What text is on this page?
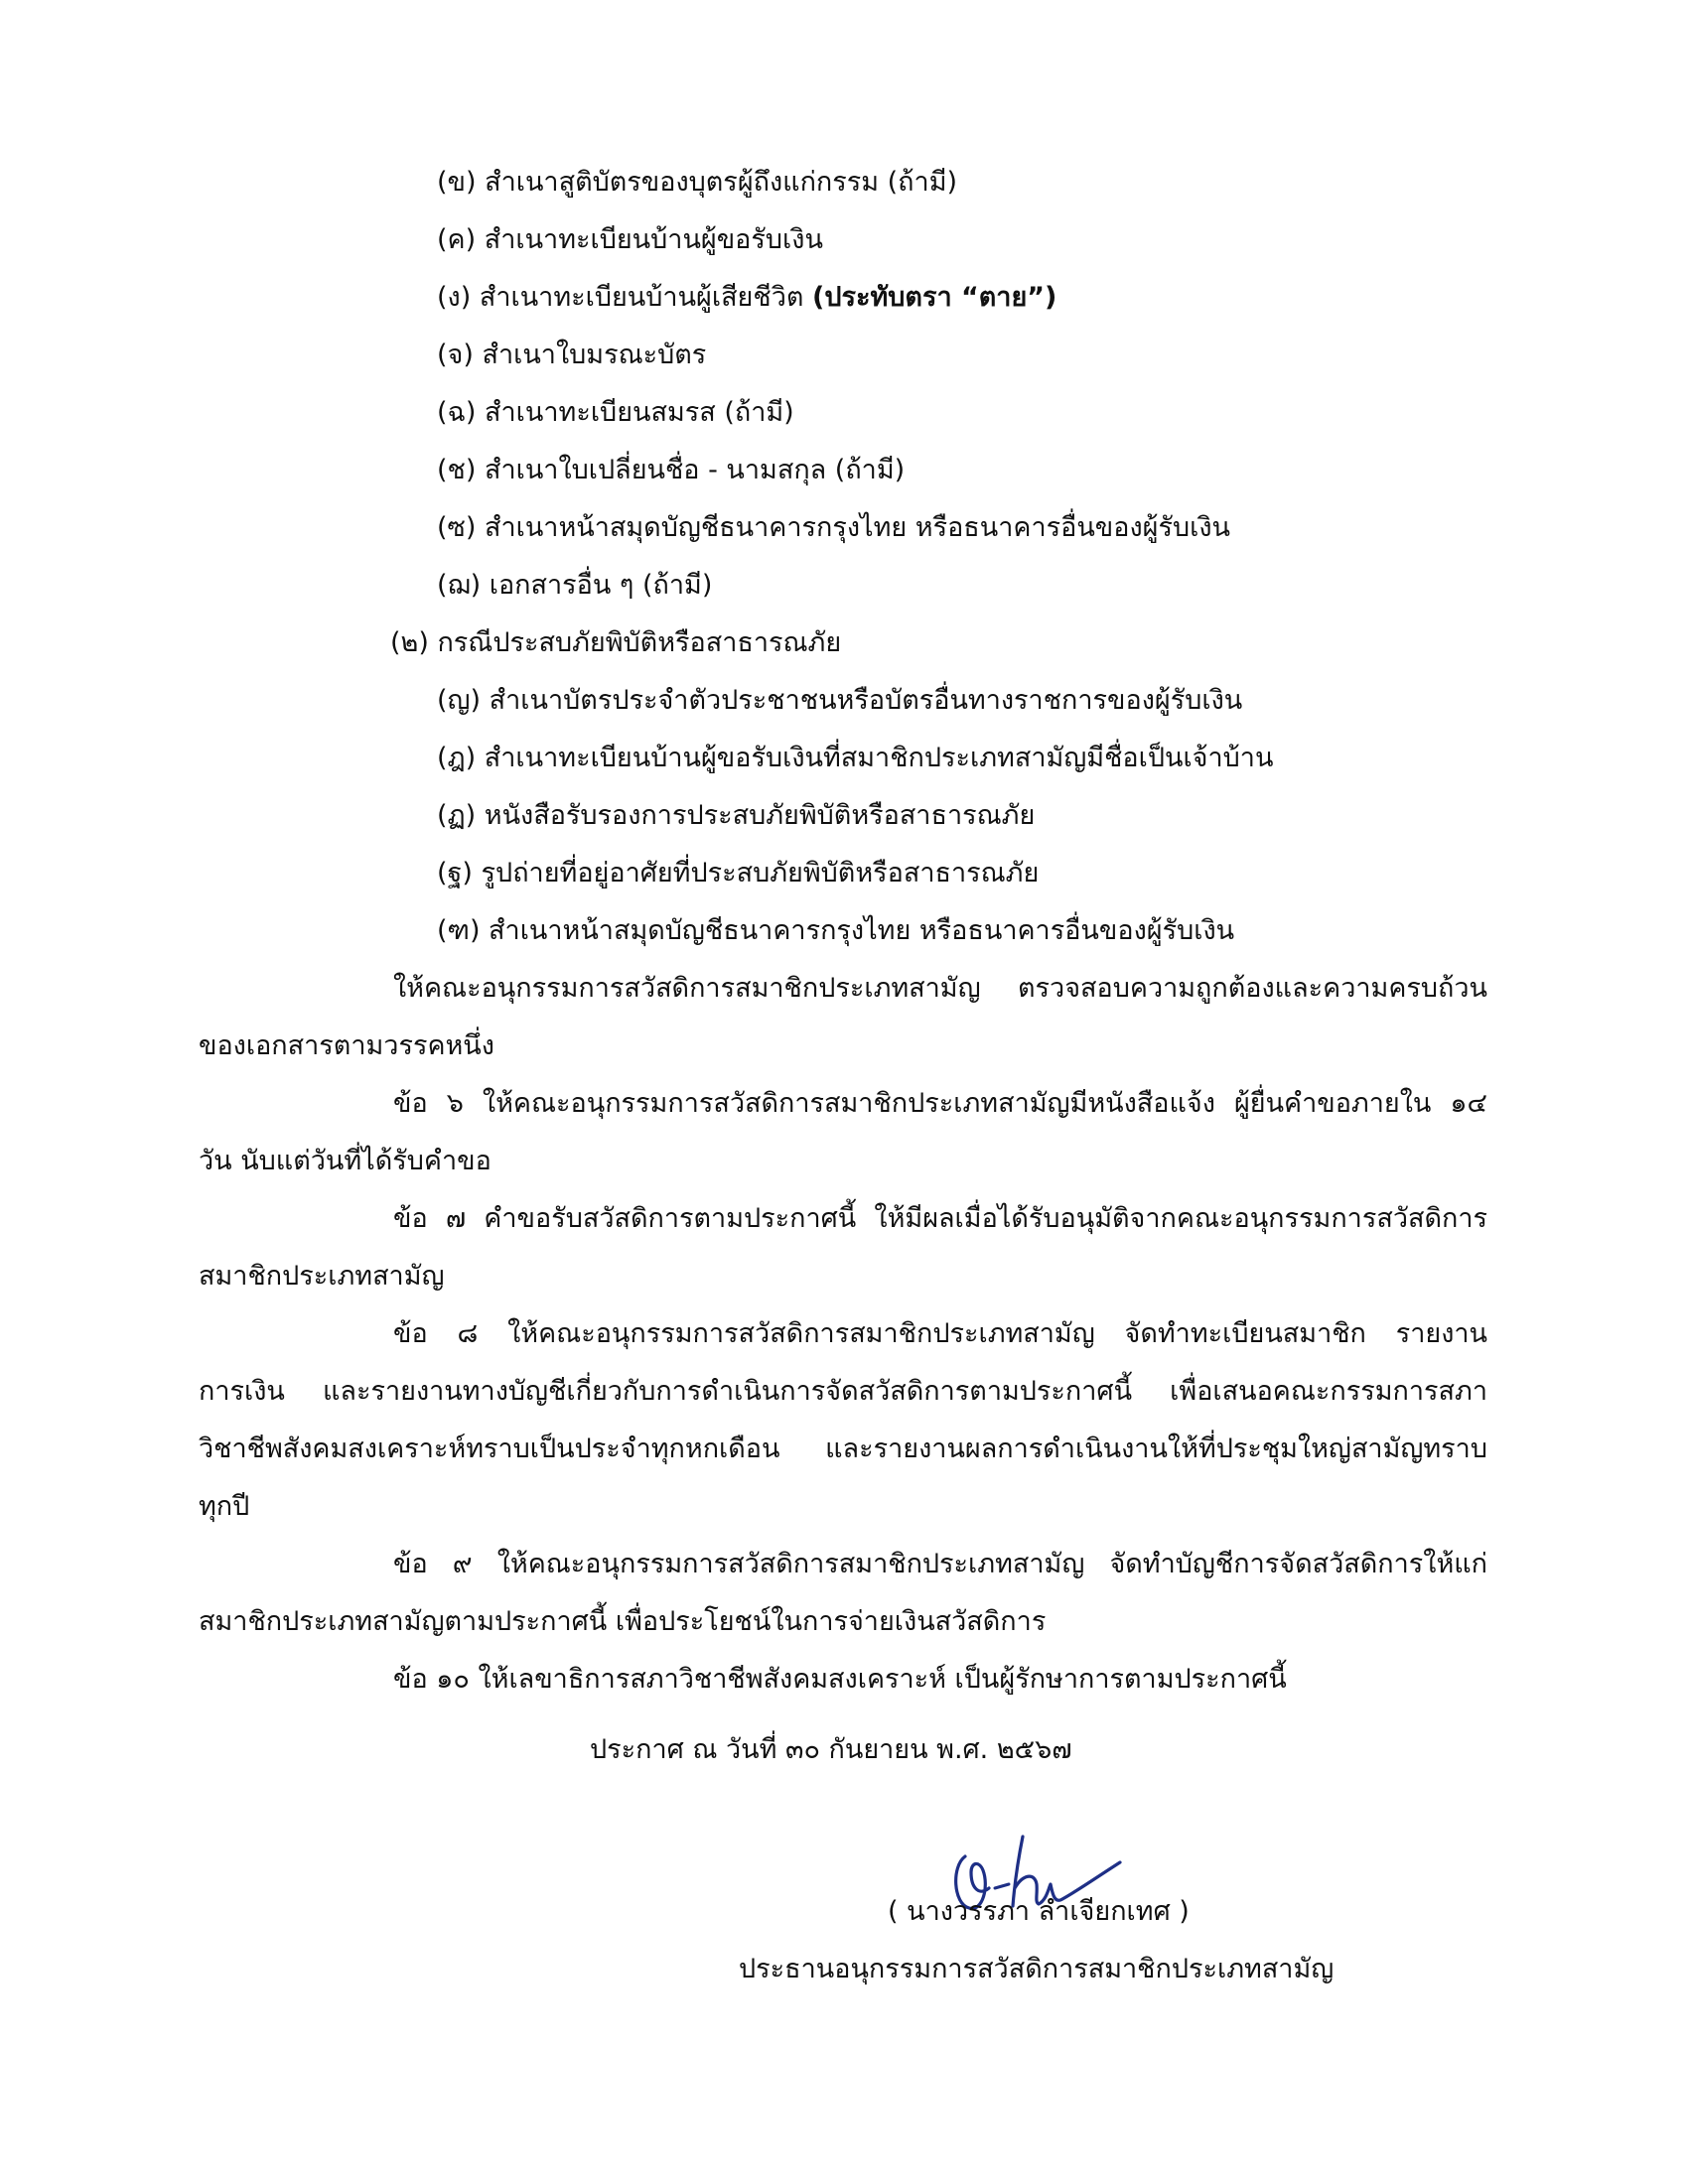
(ข) สำเนาสูติบัตรของบุตรผู้ถึงแก่กรรม (ถ้ามี)
(ค) สำเนาทะเบียนบ้านผู้ขอรับเงิน
(ง) สำเนาทะเบียนบ้านผู้เสียชีวิต (ประทับตรา “ตาย”)
(จ) สำเนาใบมรณะบัตร
(ฉ) สำเนาทะเบียนสมรส (ถ้ามี)
(ช) สำเนาใบเปลี่ยนชื่อ - นามสกุล (ถ้ามี)
(ซ) สำเนาหน้าสมุดบัญชีธนาคารกรุงไทย หรือธนาคารอื่นของผู้รับเงิน
(ฌ) เอกสารอื่น ๆ (ถ้ามี)
(๒) กรณีประสบภัยพิบัติหรือสาธารณภัย
(ญ) สำเนาบัตรประจำตัวประชาชนหรือบัตรอื่นทางราชการของผู้รับเงิน
(ฎ) สำเนาทะเบียนบ้านผู้ขอรับเงินที่สมาชิกประเภทสามัญมีชื่อเป็นเจ้าบ้าน
(ฏ) หนังสือรับรองการประสบภัยพิบัติหรือสาธารณภัย
(ฐ) รูปถ่ายที่อยู่อาศัยที่ประสบภัยพิบัติหรือสาธารณภัย
(ฑ) สำเนาหน้าสมุดบัญชีธนาคารกรุงไทย หรือธนาคารอื่นของผู้รับเงิน
ให้คณะอนุกรรมการสวัสดิการสมาชิกประเภทสามัญ ตรวจสอบความถูกต้องและความครบถ้วน
ของเอกสารตามวรรคหนึ่ง
ข้อ ๖ ให้คณะอนุกรรมการสวัสดิการสมาชิกประเภทสามัญมีหนังสือแจ้ง ผู้ยื่นคำขอภายใน ๑๔
วัน นับแต่วันที่ได้รับคำขอ
ข้อ ๗ คำขอรับสวัสดิการตามประกาศนี้ ให้มีผลเมื่อได้รับอนุมัติจากคณะอนุกรรมการสวัสดิการ
สมาชิกประเภทสามัญ
ข้อ ๘ ให้คณะอนุกรรมการสวัสดิการสมาชิกประเภทสามัญ จัดทำทะเบียนสมาชิก รายงาน
การเงิน และรายงานทางบัญชีเกี่ยวกับการดำเนินการจัดสวัสดิการตามประกาศนี้ เพื่อเสนอคณะกรรมการสภา
วิชาชีพสังคมสงเคราะห์ทราบเป็นประจำทุกหกเดือน และรายงานผลการดำเนินงานให้ที่ประชุมใหญ่สามัญทราบ
ทุกปี
ข้อ ๙ ให้คณะอนุกรรมการสวัสดิการสมาชิกประเภทสามัญ จัดทำบัญชีการจัดสวัสดิการให้แก่
สมาชิกประเภทสามัญตามประกาศนี้ เพื่อประโยชน์ในการจ่ายเงินสวัสดิการ
ข้อ ๑๐ ให้เลขาธิการสภาวิชาชีพสังคมสงเคราะห์ เป็นผู้รักษาการตามประกาศนี้
ประกาศ ณ วันที่ ๓๐ กันยายน พ.ศ. ๒๕๖๗
( นางวรรภา ลำเจียกเทศ )
ประธานอนุกรรมการสวัสดิการสมาชิกประเภทสามัญ
